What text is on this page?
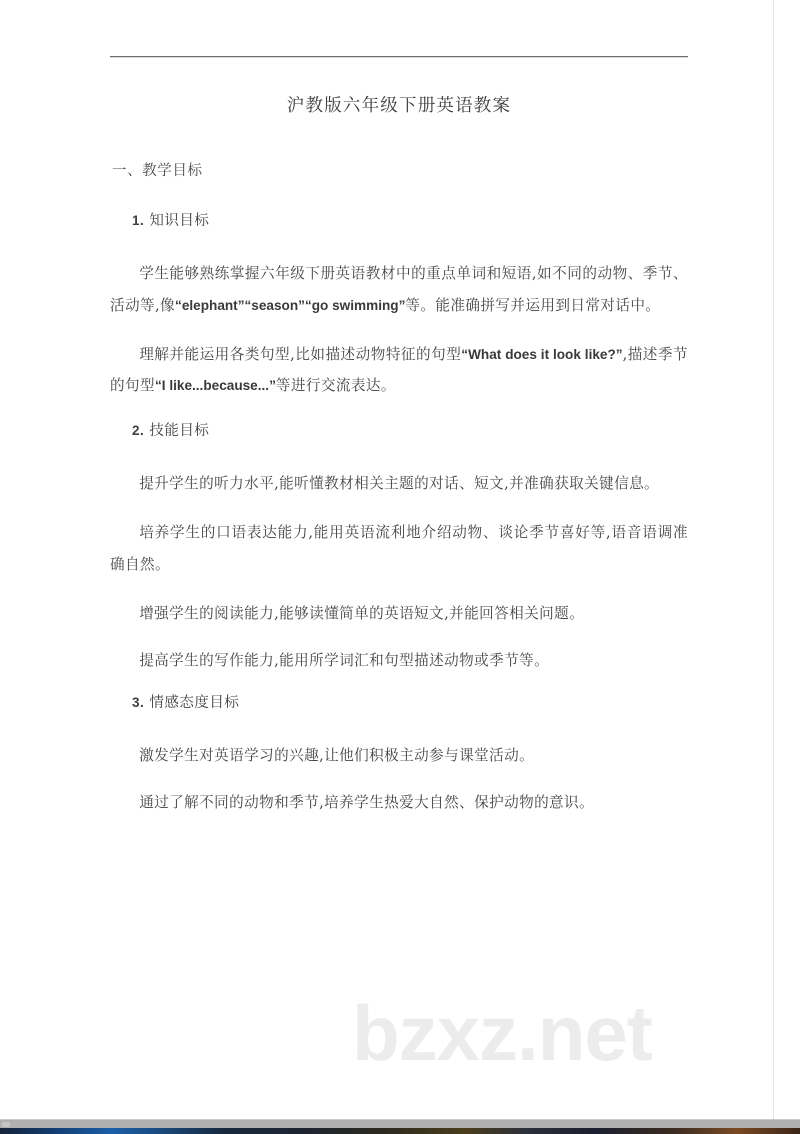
沪教版六年级下册英语教案
一、教学目标
1. 知识目标

学生能够熟练掌握六年级下册英语教材中的重点单词和短语,如不同的动物、季节、活动等,像“elephant”“season”“go swimming”等。能准确拼写并运用到日常对话中。

理解并能运用各类句型,比如描述动物特征的句型“What does it look like?”,描述季节的句型“I like...because...”等进行交流表达。

2. 技能目标

提升学生的听力水平,能听懂教材相关主题的对话、短文,并准确获取关键信息。

培养学生的口语表达能力,能用英语流利地介绍动物、谈论季节喜好等,语音语调准确自然。

增强学生的阅读能力,能够读懂简单的英语短文,并能回答相关问题。

提高学生的写作能力,能用所学词汇和句型描述动物或季节等。

3. 情感态度目标

激发学生对英语学习的兴趣,让他们积极主动参与课堂活动。

通过了解不同的动物和季节,培养学生热爱大自然、保护动物的意识。

bzxz.net
